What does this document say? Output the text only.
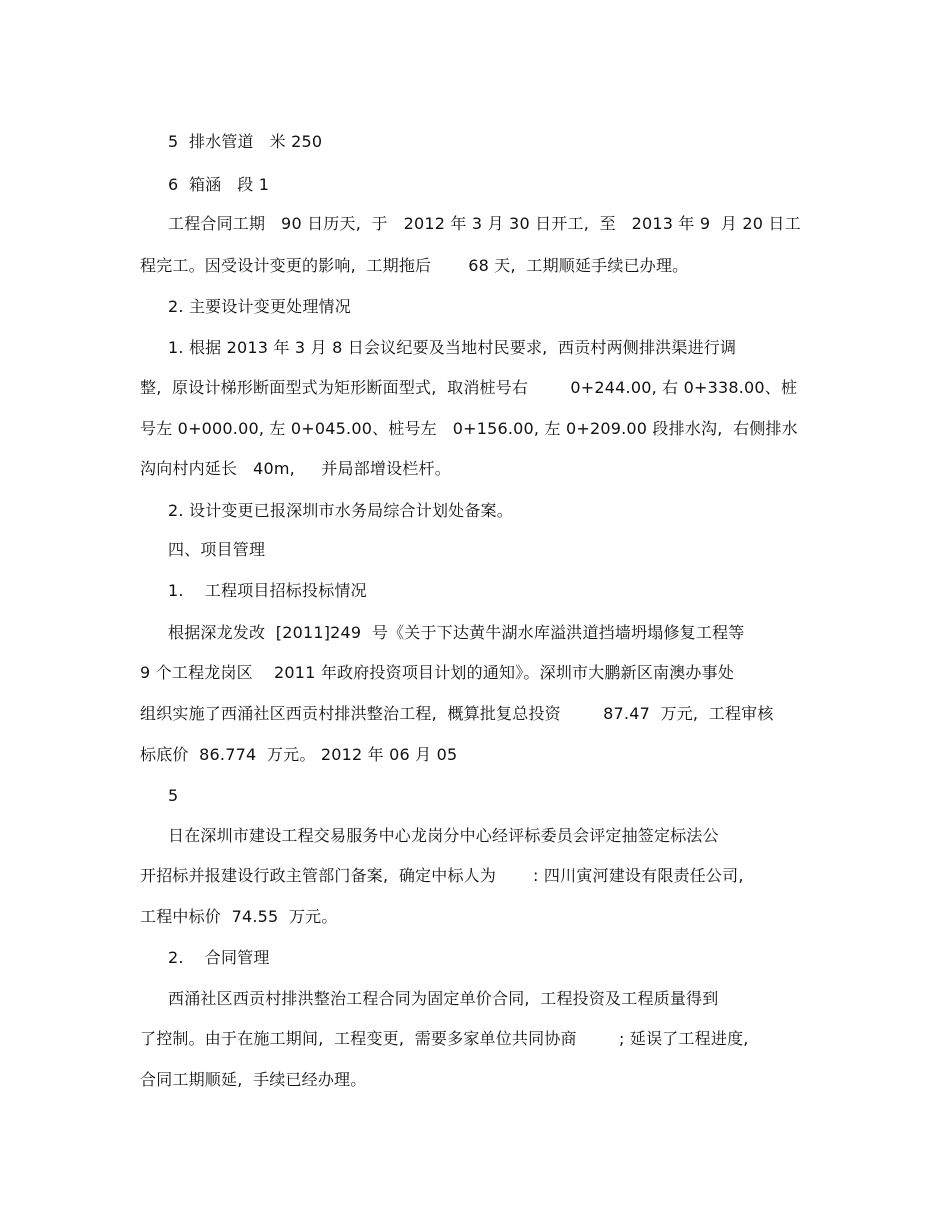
5  排水管道   米 250
6  箱涵   段 1
工程合同工期   90 日历天,  于   2012 年 3 月 30 日开工,  至   2013 年 9  月 20 日工
程完工。因受设计变更的影响,  工期拖后       68 天,  工期顺延手续已办理。
2. 主要设计变更处理情况
1. 根据 2013 年 3 月 8 日会议纪要及当地村民要求,  西贡村两侧排洪渠进行调
整,  原设计梯形断面型式为矩形断面型式,  取消桩号右        0+244.00, 右 0+338.00、桩
号左 0+000.00, 左 0+045.00、桩号左   0+156.00, 左 0+209.00 段排水沟,  右侧排水
沟向村内延长   40m,     并局部增设栏杆。
2. 设计变更已报深圳市水务局综合计划处备案。
四、项目管理
1.    工程项目招标投标情况
根据深龙发改  [2011]249  号《关于下达黄牛湖水库溢洪道挡墙坍塌修复工程等
9 个工程龙岗区    2011 年政府投资项目计划的通知》。深圳市大鹏新区南澳办事处
组织实施了西涌社区西贡村排洪整治工程,  概算批复总投资        87.47  万元,  工程审核
标底价  86.774  万元。 2012 年 06 月 05
5
日在深圳市建设工程交易服务中心龙岗分中心经评标委员会评定抽签定标法公
开招标并报建设行政主管部门备案,  确定中标人为       : 四川寅河建设有限责任公司,
工程中标价  74.55  万元。
2.    合同管理
西涌社区西贡村排洪整治工程合同为固定单价合同,  工程投资及工程质量得到
了控制。由于在施工期间,  工程变更,  需要多家单位共同协商        ; 延误了工程进度,
合同工期顺延,  手续已经办理。
